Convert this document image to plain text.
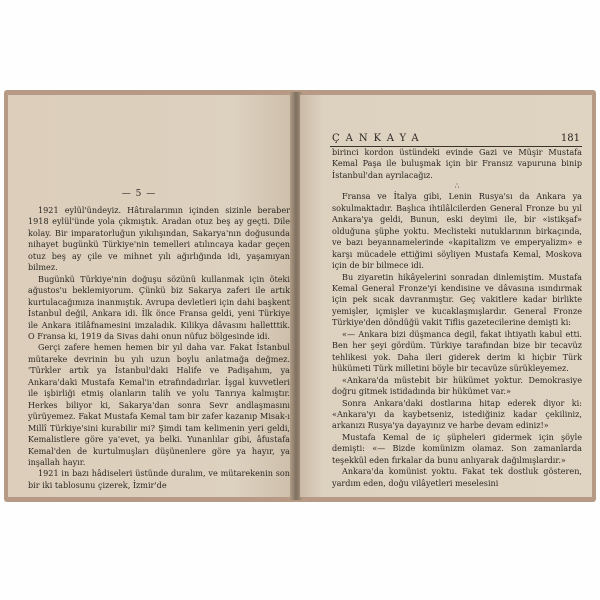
— 5 —

1921 eylül'ündeyiz. Hâtıralarımın içinden sizinle beraber 1918 eylül'ünde yola çıkmıştık. Aradan otuz beş ay geçti. Dile kolay. Bir imparatorluğun yıkılışından, Sakarya'nın doğusunda nihayet bugünkü Türkiye'nin temelleri atılıncaya kadar geçen otuz beş ay çile ve mihnet yılı ağırlığında idi, yaşamıyan bilmez.

Bugünkü Türkiye'nin doğuşu sözünü kullanmak için öteki ağustos'u beklemiyorum. Çünkü biz Sakarya zaferi ile artık kurtulacağımıza inanmıştık. Avrupa devletleri için dahi başkent İstanbul değil, Ankara idi. İlk önce Fransa geldi, yeni Türkiye ile Ankara itilâfnamesini imzaladık. Kilikya dâvasını halletttik. O Fransa ki, 1919 da Sivas dahi onun nüfuz bölgesinde idi.

Gerçi zafere hemen hemen bir yıl daha var. Fakat İstanbul mütareke devrinin bu yılı uzun boylu anlatmağa değmez. 'Türkler artık ya İstanbul'daki Halife ve Padişahım, ya Ankara'daki Mustafa Kemal'in etrafındadırlar. İşgal kuvvetleri ile işbirliği etmiş olanların talih ve yolu Tanrıya kalmıştır. Herkes biliyor ki, Sakarya'dan sonra Sevr andlaşmasını yürüyemez. Fakat Mustafa Kemal tam bir zafer kazanıp Misak-ı Millî Türkiye'sini kurabilir mi? Şimdi tam kelimenin yeri geldi, Kemalistlere göre ya'evet, ya belki. Yunanlılar gibi, âfustafa Kemal'den de kurtulmuşları düşünenlere göre ya hayır, ya inşallah hayır.

1921 in bazı hâdiseleri üstünde duralım, ve mütarekenin son bir iki tablosunu çizerek, İzmir'de

ÇANKAYA	181

birinci kordon üstündeki evinde Gazi ve Müşir Mustafa Kemal Paşa ile buluşmak için bir Fransız vapuruna binip İstanbul'dan ayrılacağız.

∴

Fransa ve İtalya gibi, Lenin Rusya'sı da Ankara ya sokulmaktadır. Başlıca ihtilâlcilerden General Fronze bu yıl Ankara'ya geldi, Bunun, eski deyimi ile, bir «istikşaf» olduğuna şüphe yoktu. Meclisteki nutuklarının birkaçında, ve bazı beyannamelerinde «kapitalizm ve emperyalizm» e karşı mücadele ettiğimi söyliyen Mustafa Kemal, Moskova için de bir bilmece idi.

Bu ziyaretin hikâyelerini sonradan dinlemiştim. Mustafa Kemal General Fronze'yi kendisine ve dâvasına ısındırmak için pek sıcak davranmıştır. Geç vakitlere kadar birlikte yemişler, içmişler ve kucaklaşmışlardır. General Fronze Türkiye'den döndüğü vakit Tiflis gazetecilerine demişti ki:

«— Ankara bizi düşmanca degil, fakat ihtiyatlı kabul etti. Ben her şeyi gördüm. Türkiye tarafından bize bir tecavüz tehlikesi yok. Daha ileri giderek derim ki hiçbir Türk hükümeti Türk milletini böyle bir tecavüze sürükleyemez.

«Ankara'da müstebit bir hükümet yoktur. Demokrasiye doğru gitmek istidadında bir hükümet var.»

Sonra Ankara'daki dostlarına hitap ederek diyor ki: «Ankara'yı da kaybetseniz, istediğiniz kadar çekiliniz, arkanızı Rusya'ya dayayınız ve harbe devam ediniz!»

Mustafa Kemal de iç şüpheleri gidermek için şöyle demişti: «— Bizde komünizm olamaz. Son zamanlarda teşekkül eden fırkalar da bunu anlıyarak dağılmışlardır.»

Ankara'da komünist yoktu. Fakat tek dostluk gösteren, yardım eden, doğu vilâyetleri meselesini
